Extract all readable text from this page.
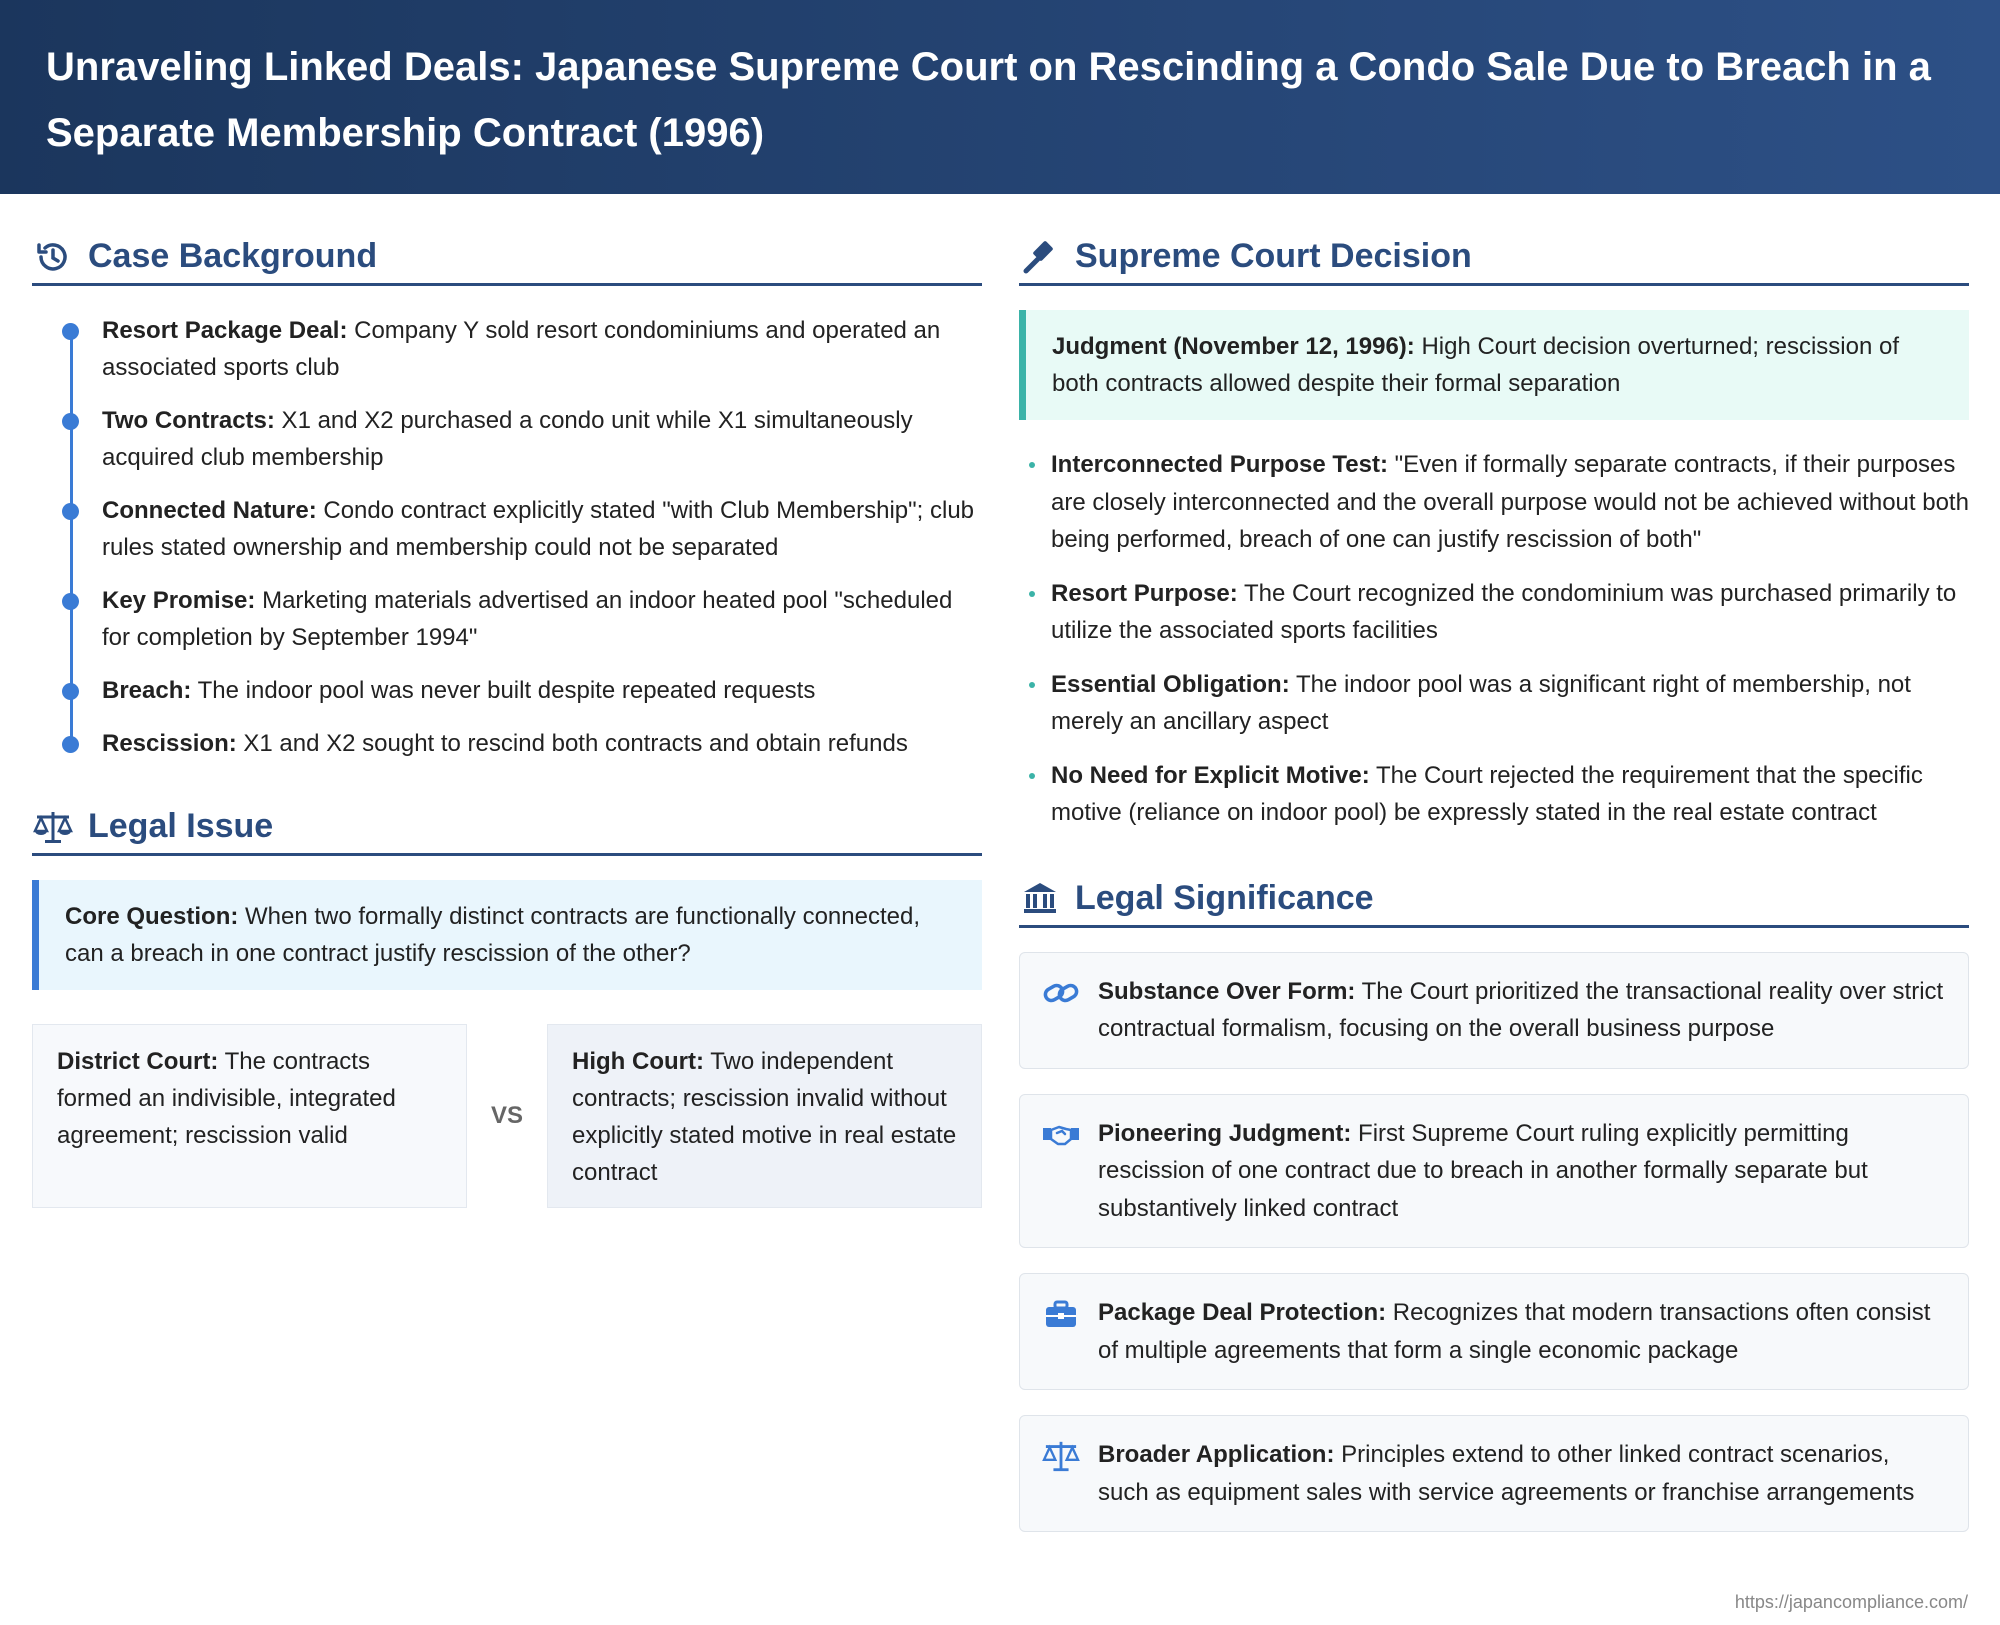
Unraveling Linked Deals: Japanese Supreme Court on Rescinding a Condo Sale Due to Breach in a Separate Membership Contract (1996)
Case Background
Resort Package Deal: Company Y sold resort condominiums and operated an associated sports club
Two Contracts: X1 and X2 purchased a condo unit while X1 simultaneously acquired club membership
Connected Nature: Condo contract explicitly stated "with Club Membership"; club rules stated ownership and membership could not be separated
Key Promise: Marketing materials advertised an indoor heated pool "scheduled for completion by September 1994"
Breach: The indoor pool was never built despite repeated requests
Rescission: X1 and X2 sought to rescind both contracts and obtain refunds
Legal Issue
Core Question: When two formally distinct contracts are functionally connected, can a breach in one contract justify rescission of the other?
District Court: The contracts formed an indivisible, integrated agreement; rescission valid
VS
High Court: Two independent contracts; rescission invalid without explicitly stated motive in real estate contract
Supreme Court Decision
Judgment (November 12, 1996): High Court decision overturned; rescission of both contracts allowed despite their formal separation
Interconnected Purpose Test: "Even if formally separate contracts, if their purposes are closely interconnected and the overall purpose would not be achieved without both being performed, breach of one can justify rescission of both"
Resort Purpose: The Court recognized the condominium was purchased primarily to utilize the associated sports facilities
Essential Obligation: The indoor pool was a significant right of membership, not merely an ancillary aspect
No Need for Explicit Motive: The Court rejected the requirement that the specific motive (reliance on indoor pool) be expressly stated in the real estate contract
Legal Significance
Substance Over Form: The Court prioritized the transactional reality over strict contractual formalism, focusing on the overall business purpose
Pioneering Judgment: First Supreme Court ruling explicitly permitting rescission of one contract due to breach in another formally separate but substantively linked contract
Package Deal Protection: Recognizes that modern transactions often consist of multiple agreements that form a single economic package
Broader Application: Principles extend to other linked contract scenarios, such as equipment sales with service agreements or franchise arrangements
https://japancompliance.com/
